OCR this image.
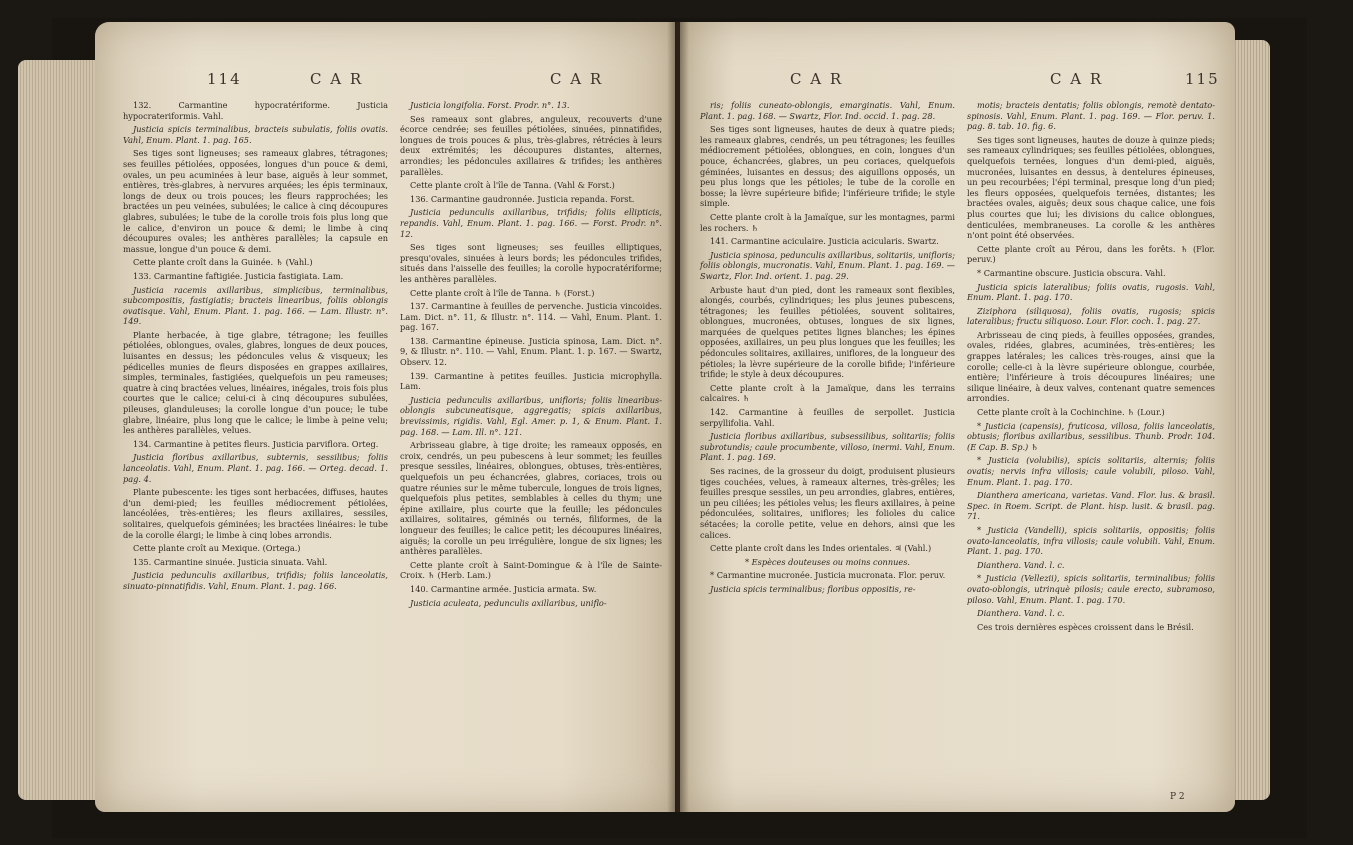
114	C A R	C A R

132. Carmantine hypocratériforme. Justicia hypocrateriformis. Vahl.

Justicia spicis terminalibus, bracteis subulatis, foliis ovatis. Vahl, Enum. Plant. 1. pag. 165.

Ses tiges sont ligneuses; ses rameaux glabres, tétragones; ses feuilles pétiolées, opposées, longues d'un pouce & demi, ovales, un peu acuminées à leur base, aiguës à leur sommet, entières, très-glabres, à nervures arquées; les épis terminaux, longs de deux ou trois pouces; les fleurs rapprochées; les bractées un peu veinées, subulées; le calice à cinq découpures glabres, subulées; le tube de la corolle trois fois plus long que le calice, d'environ un pouce & demi; le limbe à cinq découpures ovales; les anthères parallèles; la capsule en massue, longue d'un pouce & demi.

Cette plante croît dans la Guinée. ♄ (Vahl.)

133. Carmantine faftigiée. Justicia fastigiata. Lam.

Justicia racemis axillaribus, simplicibus, terminalibus, subcompositis, fastigiatis; bracteis linearibus, foliis oblongis ovatisque. Vahl, Enum. Plant. 1. pag. 166. — Lam. Illustr. n°. 149.

Plante herbacée, à tige glabre, tétragone; les feuilles pétiolées, oblongues, ovales, glabres, longues de deux pouces, luisantes en dessus; les pédoncules velus & visqueux; les pédicelles munies de fleurs disposées en grappes axillaires, simples, terminales, fastigiées, quelquefois un peu rameuses; quatre à cinq bractées velues, linéaires, inégales, trois fois plus courtes que le calice; celui-ci à cinq découpures subulées, pileuses, glanduleuses; la corolle longue d'un pouce; le tube glabre, linéaire, plus long que le calice; le limbe à peine velu; les anthères parallèles, velues.

134. Carmantine à petites fleurs. Justicia parviflora. Orteg.

Justicia floribus axillaribus, subternis, sessilibus; foliis lanceolatis. Vahl, Enum. Plant. 1. pag. 166. — Orteg. decad. 1. pag. 4.

Plante pubescente: les tiges sont herbacées, diffuses, hautes d'un demi-pied; les feuilles médiocrement pétiolées, lancéolées, très-entières; les fleurs axillaires, sessiles, solitaires, quelquefois géminées; les bractées linéaires: le tube de la corolle élargi; le limbe à cinq lobes arrondis.

Cette plante croît au Mexique. (Ortega.)

135. Carmantine sinuée. Justicia sinuata. Vahl.

Justicia pedunculis axillaribus, trifidis; foliis lanceolatis, sinuato-pinnatifidis. Vahl, Enum. Plant. 1. pag. 166.

Justicia longifolia. Forst. Prodr. n°. 13.

Ses rameaux sont glabres, anguleux, recouverts d'une écorce cendrée; ses feuilles pétiolées, sinuées, pinnatifides, longues de trois pouces & plus, très-glabres, rétrécies à leurs deux extrémités; les découpures distantes, alternes, arrondies; les pédoncules axillaires & trifides; les anthères parallèles.

Cette plante croît à l'île de Tanna. (Vahl & Forst.)

136. Carmantine gaudronnée. Justicia repanda. Forst.

Justicia pedunculis axillaribus, trifidis; foliis ellipticis, repandis. Vahl, Enum. Plant. 1. pag. 166. — Forst. Prodr. n°. 12.

Ses tiges sont ligneuses; ses feuilles elliptiques, presqu'ovales, sinuées à leurs bords; les pédoncules trifides, situés dans l'aisselle des feuilles; la corolle hypocratériforme; les anthères parallèles.

Cette plante croît à l'île de Tanna. ♄ (Forst.)

137. Carmantine à feuilles de pervenche. Justicia vincoides. Lam. Dict. n°. 11, & Illustr. n°. 114. — Vahl, Enum. Plant. 1. pag. 167.

138. Carmantine épineuse. Justicia spinosa, Lam. Dict. n°. 9, & Illustr. n°. 110. — Vahl, Enum. Plant. 1. p. 167. — Swartz, Observ. 12.

139. Carmantine à petites feuilles. Justicia microphylla. Lam.

Justicia pedunculis axillaribus, unifloris; foliis linearibus-oblongis subcuneatisque, aggregatis; spicis axillaribus, brevissimis, rigidis. Vahl, Egl. Amer. p. 1, & Enum. Plant. 1. pag. 168. — Lam. Ill. n°. 121.

Arbrisseau glabre, à tige droite; les rameaux opposés, en croix, cendrés, un peu pubescens à leur sommet; les feuilles presque sessiles, linéaires, oblongues, obtuses, très-entières, quelquefois un peu échancrées, glabres, coriaces, trois ou quatre réunies sur le même tubercule, longues de trois lignes, quelquefois plus petites, semblables à celles du thym; une épine axillaire, plus courte que la feuille; les pédoncules axillaires, solitaires, géminés ou ternés, filiformes, de la longueur des feuilles; le calice petit; les découpures linéaires, aiguës; la corolle un peu irrégulière, longue de six lignes; les anthères parallèles.

Cette plante croît à Saint-Domingue & à l'île de Sainte-Croix. ♄ (Herb. Lam.)

140. Carmantine armée. Justicia armata. Sw.

Justicia aculeata, pedunculis axillaribus, uniflo-

C A R	C A R	115

ris; foliis cuneato-oblongis, emarginatis. Vahl, Enum. Plant. 1. pag. 168. — Swartz, Flor. Ind. occid. 1. pag. 28.

Ses tiges sont ligneuses, hautes de deux à quatre pieds; les rameaux glabres, cendrés, un peu tétragones; les feuilles médiocrement pétiolées, oblongues, en coin, longues d'un pouce, échancrées, glabres, un peu coriaces, quelquefois géminées, luisantes en dessus; des aiguillons opposés, un peu plus longs que les pétioles; le tube de la corolle en bosse; la lèvre supérieure bifide; l'inférieure trifide; le style simple.

Cette plante croît à la Jamaïque, sur les montagnes, parmi les rochers. ♄

141. Carmantine aciculaire. Justicia acicularis. Swartz.

Justicia spinosa, pedunculis axillaribus, solitariis, unifloris; foliis oblongis, mucronatis. Vahl, Enum. Plant. 1. pag. 169. — Swartz, Flor. Ind. orient. 1. pag. 29.

Arbuste haut d'un pied, dont les rameaux sont flexibles, alongés, courbés, cylindriques; les plus jeunes pubescens, tétragones; les feuilles pétiolées, souvent solitaires, oblongues, mucronées, obtuses, longues de six lignes, marquées de quelques petites lignes blanches; les épines opposées, axillaires, un peu plus longues que les feuilles; les pédoncules solitaires, axillaires, uniflores, de la longueur des pétioles; la lèvre supérieure de la corolle bifide; l'inférieure trifide; le style à deux découpures.

Cette plante croît à la Jamaïque, dans les terrains calcaires. ♄

142. Carmantine à feuilles de serpollet. Justicia serpyllifolia. Vahl.

Justicia floribus axillaribus, subsessilibus, solitariis; foliis subrotundis; caule procumbente, villoso, inermi. Vahl, Enum. Plant. 1. pag. 169.

Ses racines, de la grosseur du doigt, produisent plusieurs tiges couchées, velues, à rameaux alternes, très-grêles; les feuilles presque sessiles, un peu arrondies, glabres, entières, un peu ciliées; les pétioles velus; les fleurs axillaires, à peine pédonculées, solitaires, uniflores; les folioles du calice sétacées; la corolle petite, velue en dehors, ainsi que les calices.

Cette plante croît dans les Indes orientales. ♃ (Vahl.)

* Espèces douteuses ou moins connues.

* Carmantine mucronée. Justicia mucronata. Flor. peruv.

Justicia spicis terminalibus; floribus oppositis, re-

motis; bracteis dentatis; foliis oblongis, remotè dentato-spinosis. Vahl, Enum. Plant. 1. pag. 169. — Flor. peruv. 1. pag. 8. tab. 10. fig. 6.

Ses tiges sont ligneuses, hautes de douze à quinze pieds; ses rameaux cylindriques; ses feuilles pétiolées, oblongues, quelquefois ternées, longues d'un demi-pied, aiguës, mucronées, luisantes en dessus, à dentelures épineuses, un peu recourbées; l'épi terminal, presque long d'un pied; les fleurs opposées, quelquefois ternées, distantes; les bractées ovales, aiguës; deux sous chaque calice, une fois plus courtes que lui; les divisions du calice oblongues, denticulées, membraneuses. La corolle & les anthères n'ont point été observées.

Cette plante croît au Pérou, dans les forêts. ♄ (Flor. peruv.)

* Carmantine obscure. Justicia obscura. Vahl.

Justicia spicis lateralibus; foliis ovatis, rugosis. Vahl, Enum. Plant. 1. pag. 170.

Ziziphora (siliquosa), foliis ovatis, rugosis; spicis lateralibus; fructu siliquoso. Lour. Flor. coch. 1. pag. 27.

Arbrisseau de cinq pieds, à feuilles opposées, grandes, ovales, ridées, glabres, acuminées, très-entières; les grappes latérales; les calices très-rouges, ainsi que la corolle; celle-ci à la lèvre supérieure oblongue, courbée, entière; l'inférieure à trois découpures linéaires; une silique linéaire, à deux valves, contenant quatre semences arrondies.

Cette plante croît à la Cochinchine. ♄ (Lour.)

* Justicia (capensis), fruticosa, villosa, foliis lanceolatis, obtusis; floribus axillaribus, sessilibus. Thunb. Prodr. 104. (E Cap. B. Sp.) ♄

* Justicia (volubilis), spicis solitariis, alternis; foliis ovatis; nervis infra villosis; caule volubili, piloso. Vahl, Enum. Plant. 1. pag. 170.

Dianthera americana, varietas. Vand. Flor. lus. & brasil. Spec. in Roem. Script. de Plant. hisp. lusit. & brasil. pag. 71.

* Justicia (Vandelli), spicis solitariis, oppositis; foliis ovato-lanceolatis, infra villosis; caule volubili. Vahl, Enum. Plant. 1. pag. 170.

Dianthera. Vand. l. c.

* Justicia (Vellezii), spicis solitariis, terminalibus; foliis ovato-oblongis, utrinquè pilosis; caule erecto, subramoso, piloso. Vahl, Enum. Plant. 1. pag. 170.

Dianthera. Vand. l. c.

Ces trois dernières espèces croissent dans le Brésil.

P 2
